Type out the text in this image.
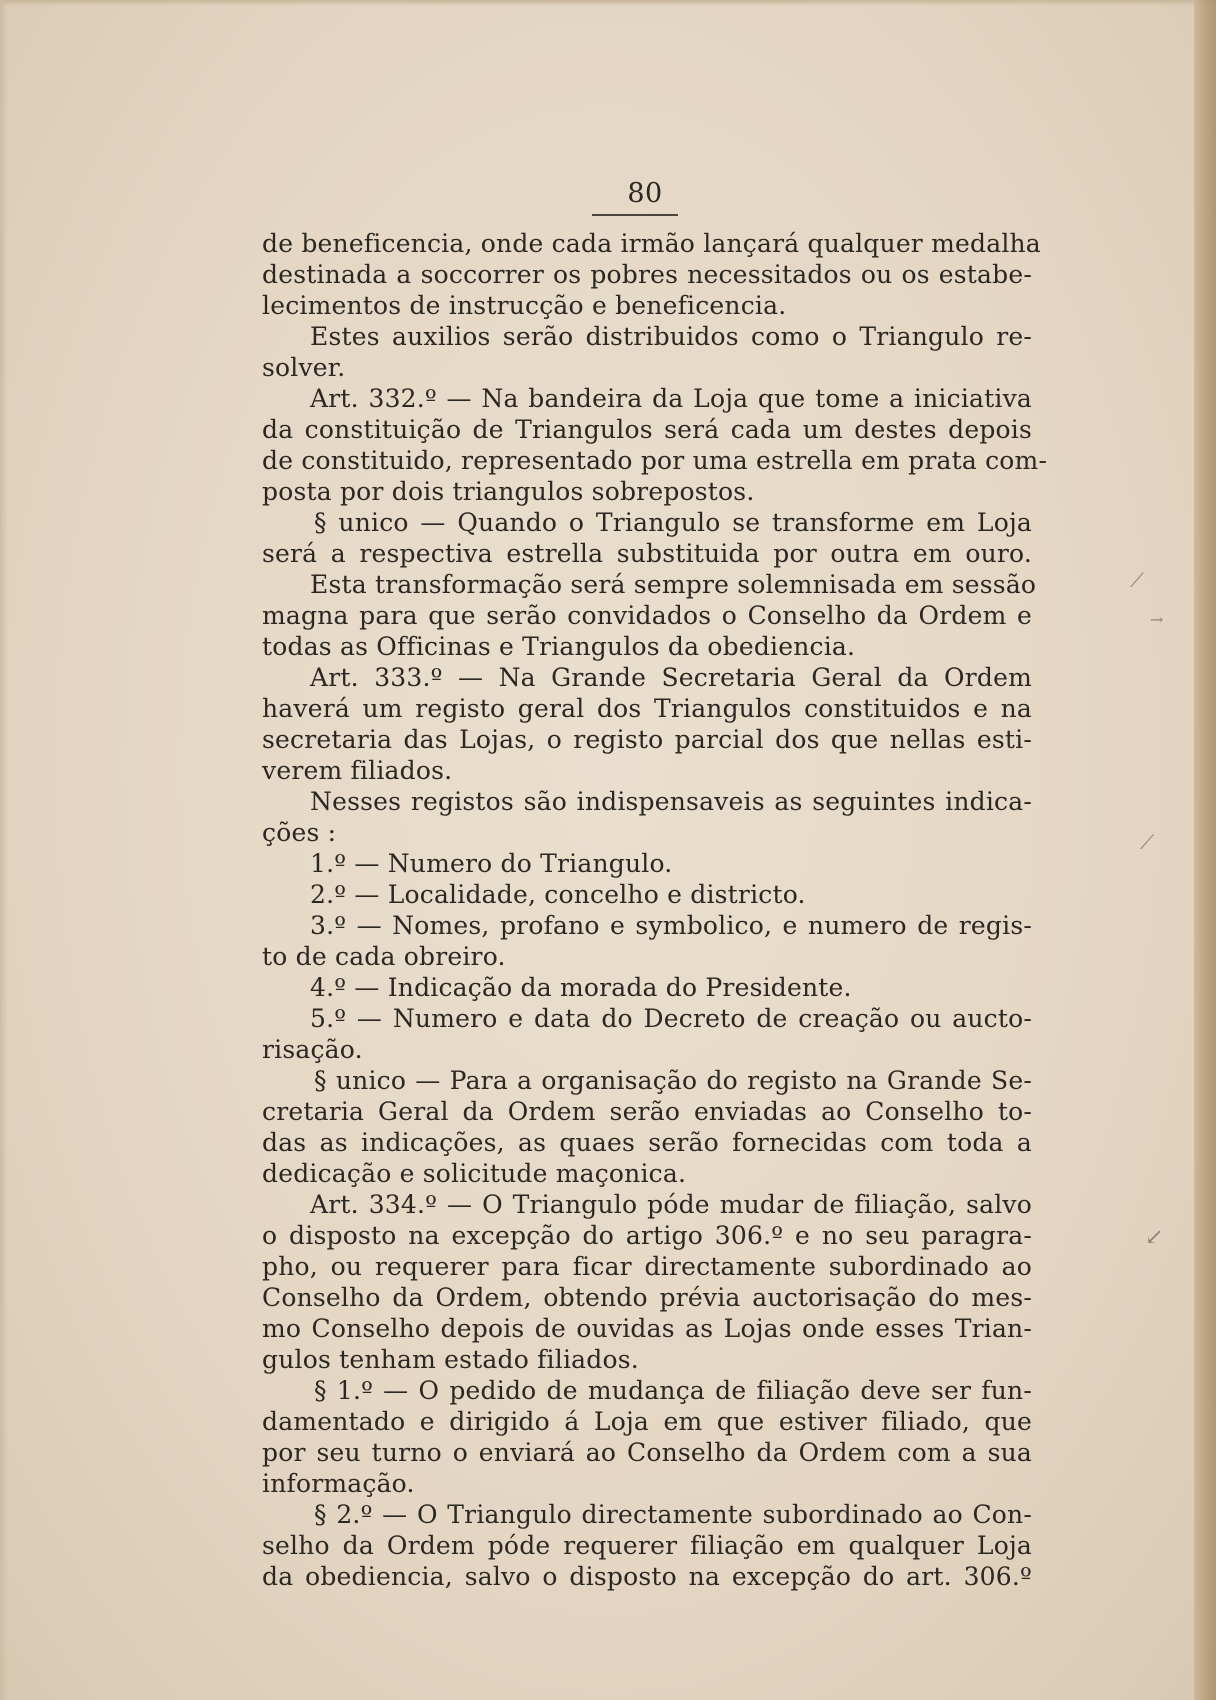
⟋
→
⟋
↙
80
de beneficencia, onde cada irmão lançará qualquer medalha
destinada a soccorrer os pobres necessitados ou os estabe-
lecimentos de instrucção e beneficencia.
Estes auxilios serão distribuidos como o Triangulo re-
solver.
Art. 332.º — Na bandeira da Loja que tome a iniciativa
da constituição de Triangulos será cada um destes depois
de constituido, representado por uma estrella em prata com-
posta por dois triangulos sobrepostos.
§ unico — Quando o Triangulo se transforme em Loja
será a respectiva estrella substituida por outra em ouro.
Esta transformação será sempre solemnisada em sessão
magna para que serão convidados o Conselho da Ordem e
todas as Officinas e Triangulos da obediencia.
Art. 333.º — Na Grande Secretaria Geral da Ordem
haverá um registo geral dos Triangulos constituidos e na
secretaria das Lojas, o registo parcial dos que nellas esti-
verem filiados.
Nesses registos são indispensaveis as seguintes indica-
ções :
1.º — Numero do Triangulo.
2.º — Localidade, concelho e districto.
3.º — Nomes, profano e symbolico, e numero de regis-
to de cada obreiro.
4.º — Indicação da morada do Presidente.
5.º — Numero e data do Decreto de creação ou aucto-
risação.
§ unico — Para a organisação do registo na Grande Se-
cretaria Geral da Ordem serão enviadas ao Conselho to-
das as indicações, as quaes serão fornecidas com toda a
dedicação e solicitude maçonica.
Art. 334.º — O Triangulo póde mudar de filiação, salvo
o disposto na excepção do artigo 306.º e no seu paragra-
pho, ou requerer para ficar directamente subordinado ao
Conselho da Ordem, obtendo prévia auctorisação do mes-
mo Conselho depois de ouvidas as Lojas onde esses Trian-
gulos tenham estado filiados.
§ 1.º — O pedido de mudança de filiação deve ser fun-
damentado e dirigido á Loja em que estiver filiado, que
por seu turno o enviará ao Conselho da Ordem com a sua
informação.
§ 2.º — O Triangulo directamente subordinado ao Con-
selho da Ordem póde requerer filiação em qualquer Loja
da obediencia, salvo o disposto na excepção do art. 306.º
